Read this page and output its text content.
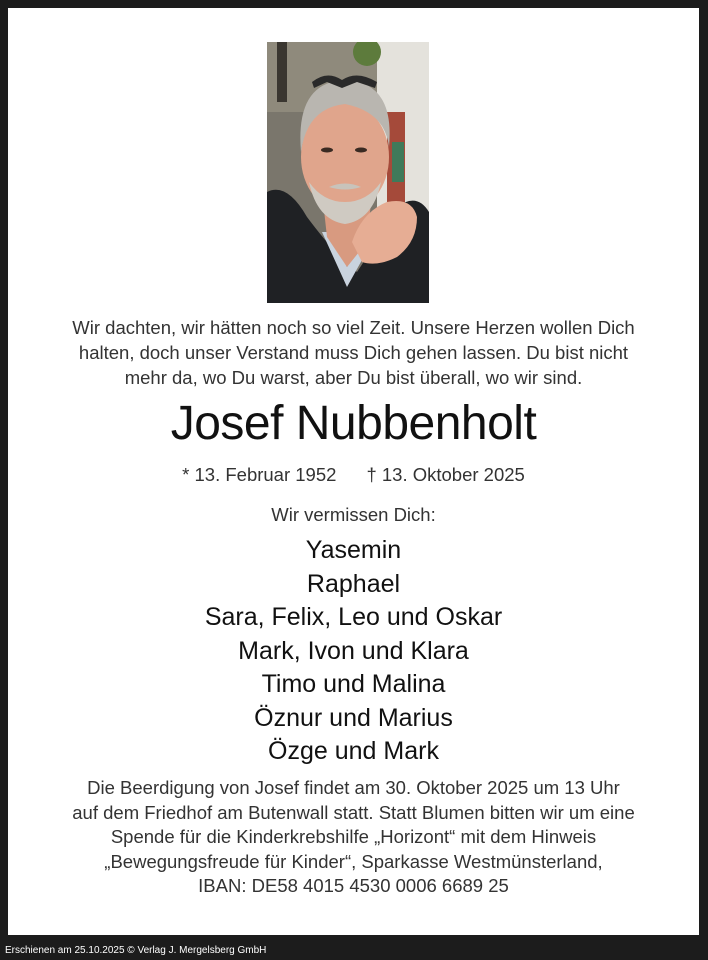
Wir dachten, wir hätten noch so viel Zeit. Unsere Herzen wollen Dich
halten, doch unser Verstand muss Dich gehen lassen. Du bist nicht
mehr da, wo Du warst, aber Du bist überall, wo wir sind.

Josef Nubbenholt
* 13. Februar 1952 † 13. Oktober 2025
Wir vermissen Dich:
Yasemin
Raphael
Sara, Felix, Leo und Oskar
Mark, Ivon und Klara
Timo und Malina
Öznur und Marius
Özge und Mark

Die Beerdigung von Josef findet am 30. Oktober 2025 um 13 Uhr
auf dem Friedhof am Butenwall statt. Statt Blumen bitten wir um eine
Spende für die Kinderkrebshilfe „Horizont“ mit dem Hinweis
„Bewegungsfreude für Kinder“, Sparkasse Westmünsterland,
IBAN: DE58 4015 4530 0006 6689 25

Erschienen am 25.10.2025 © Verlag J. Mergelsberg GmbH
